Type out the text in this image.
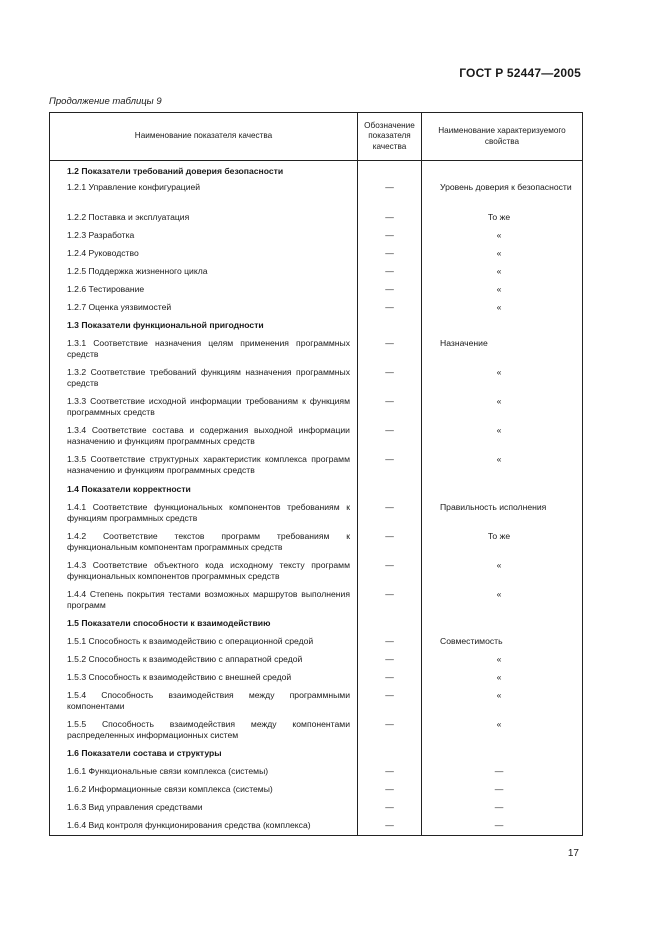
ГОСТ Р 52447—2005
Продолжение таблицы 9
Наименование показателя качества	Обозначение показателя качества	Наименование характеризуемого свойства
1.2 Показатели требований доверия безопасности		

1.2.1 Управление конфигурацией	—	Уровень доверия к безопасности

1.2.2 Поставка и эксплуатация	—	То же

1.2.3 Разработка	—	«

1.2.4 Руководство	—	«

1.2.5 Поддержка жизненного цикла	—	«

1.2.6 Тестирование	—	«

1.2.7 Оценка уязвимостей	—	«

1.3 Показатели функциональной пригодности		

1.3.1 Соответствие назначения целям применения программных средств	—	Назначение

1.3.2 Соответствие требований функциям назначения программных средств	—	«

1.3.3 Соответствие исходной информации требованиям к функциям программных средств	—	«

1.3.4 Соответствие состава и содержания выходной информации назначению и функциям программных средств	—	«

1.3.5 Соответствие структурных характеристик комплекса программ назначению и функциям программных средств	—	«

1.4 Показатели корректности		

1.4.1 Соответствие функциональных компонентов требованиям к функциям программных средств	—	Правильность исполнения

1.4.2 Соответствие текстов программ требованиям к функциональным компонентам программных средств	—	То же

1.4.3 Соответствие объектного кода исходному тексту программ функциональных компонентов программных средств	—	«

1.4.4 Степень покрытия тестами возможных маршрутов выполнения программ	—	«

1.5 Показатели способности к взаимодействию		

1.5.1 Способность к взаимодействию с операционной средой	—	Совместимость

1.5.2 Способность к взаимодействию с аппаратной средой	—	«

1.5.3 Способность к взаимодействию с внешней средой	—	«

1.5.4 Способность взаимодействия между программными компонентами	—	«

1.5.5 Способность взаимодействия между компонентами распределенных информационных систем	—	«

1.6 Показатели состава и структуры		

1.6.1 Функциональные связи комплекса (системы)	—	—

1.6.2 Информационные связи комплекса (системы)	—	—

1.6.3 Вид управления средствами	—	—

1.6.4 Вид контроля функционирования средства (комплекса)	—	—
17
